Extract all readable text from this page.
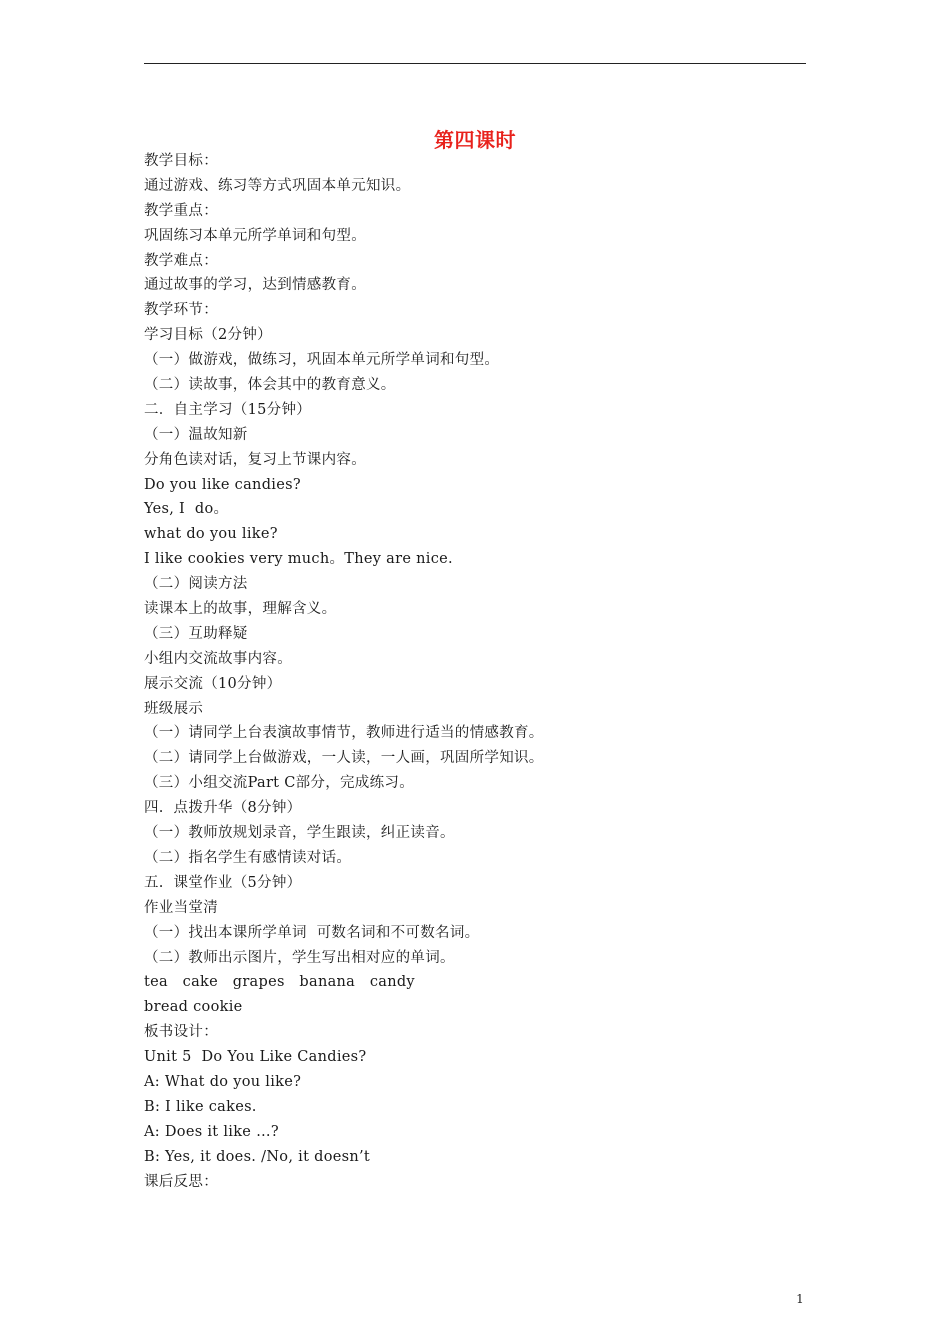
第四课时
教学目标：
通过游戏、练习等方式巩固本单元知识。
教学重点：
巩固练习本单元所学单词和句型。
教学难点：
通过故事的学习，达到情感教育。
教学环节：
学习目标（2分钟）
（一）做游戏，做练习，巩固本单元所学单词和句型。
（二）读故事，体会其中的教育意义。
二．自主学习（15分钟）
（一）温故知新
分角色读对话，复习上节课内容。
Do you like candies?
Yes, I  do。
what do you like?
I like cookies very much。They are nice.
（二）阅读方法
读课本上的故事，理解含义。
（三）互助释疑
小组内交流故事内容。
展示交流（10分钟）
班级展示
（一）请同学上台表演故事情节，教师进行适当的情感教育。
（二）请同学上台做游戏，一人读，一人画，巩固所学知识。
（三）小组交流Part C部分，完成练习。
四.  点拨升华（8分钟）
（一）教师放规划录音，学生跟读，纠正读音。
（二）指名学生有感情读对话。
五.  课堂作业（5分钟）
作业当堂清
（一）找出本课所学单词  可数名词和不可数名词。
（二）教师出示图片，学生写出相对应的单词。
tea   cake   grapes   banana   candy
bread cookie
板书设计：
Unit 5  Do You Like Candies?
A: What do you like?
B: I like cakes.
A: Does it like …?
B: Yes, it does. /No, it doesn’t
课后反思：
1
